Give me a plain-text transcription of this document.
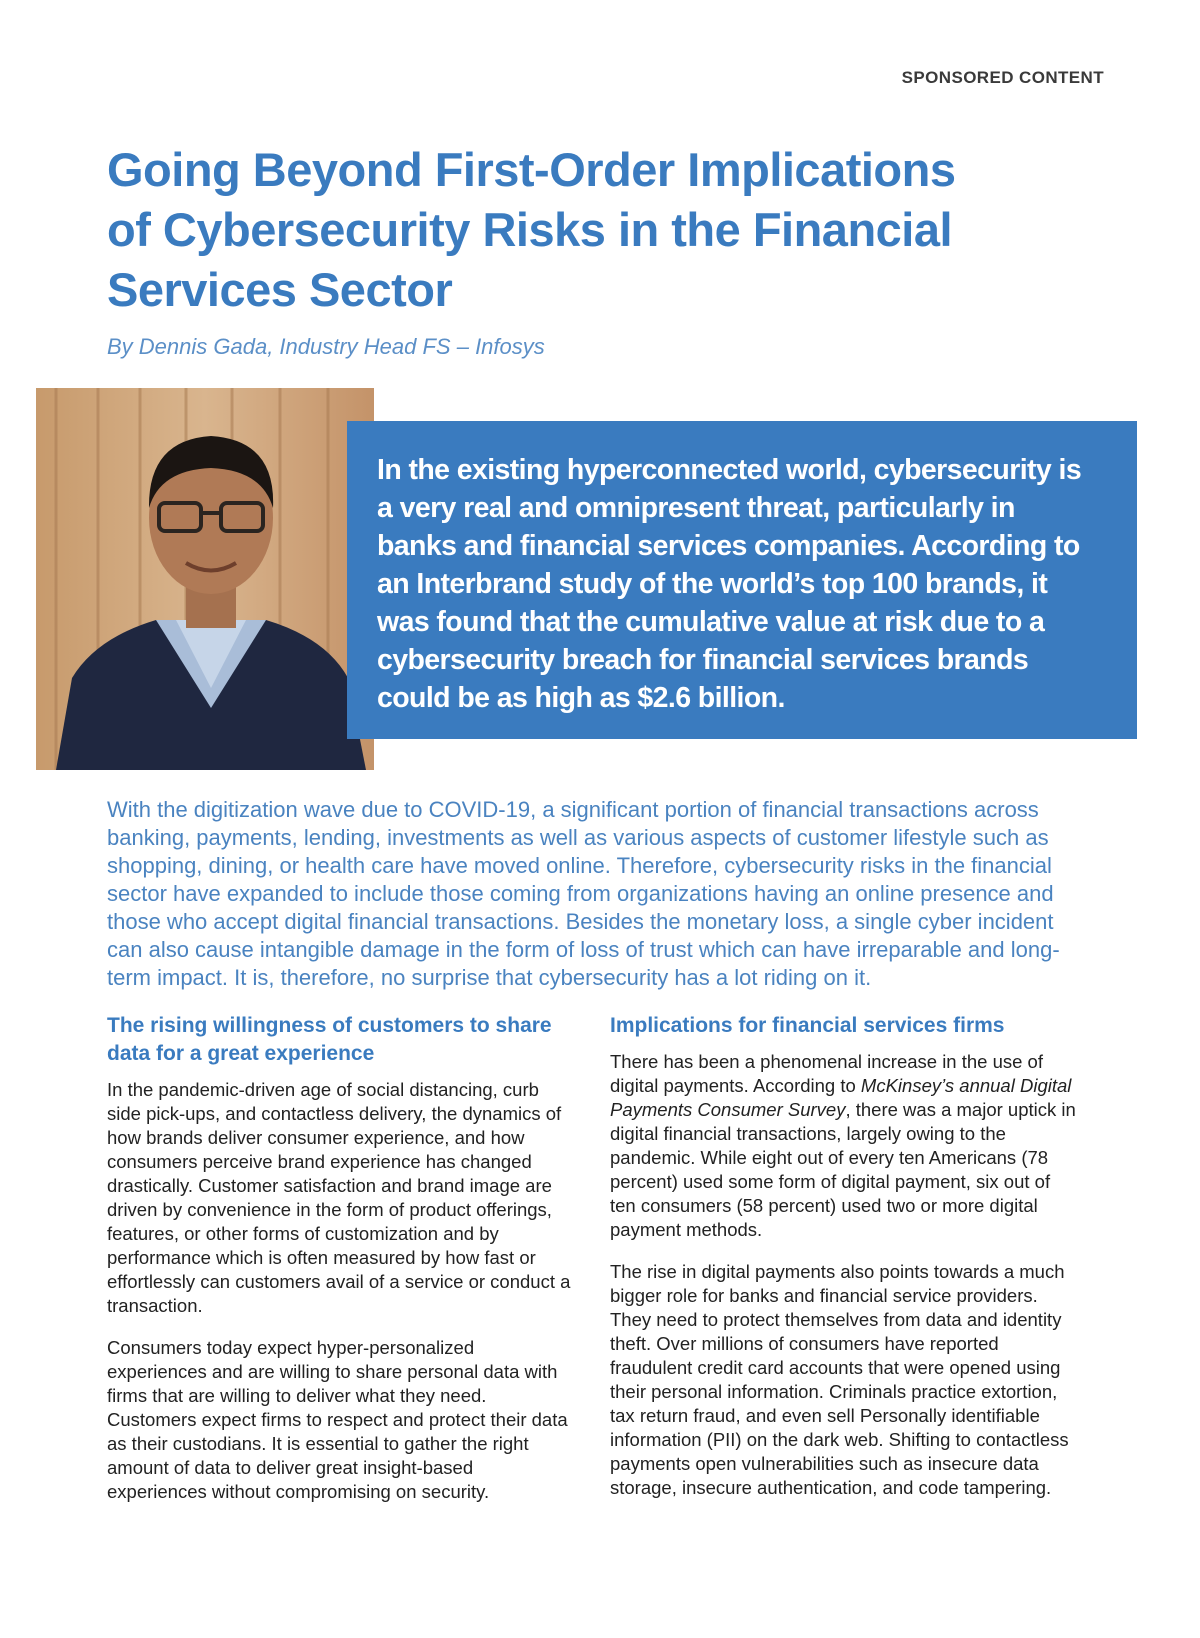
SPONSORED CONTENT
Going Beyond First-Order Implications of Cybersecurity Risks in the Financial Services Sector
By Dennis Gada, Industry Head FS – Infosys

In the existing hyperconnected world, cybersecurity is a very real and omnipresent threat, particularly in banks and financial services companies. According to an Interbrand study of the world’s top 100 brands, it was found that the cumulative value at risk due to a cybersecurity breach for financial services brands could be as high as $2.6 billion.

With the digitization wave due to COVID-19, a significant portion of financial transactions across banking, payments, lending, investments as well as various aspects of customer lifestyle such as shopping, dining, or health care have moved online. Therefore, cybersecurity risks in the financial sector have expanded to include those coming from organizations having an online presence and those who accept digital financial transactions. Besides the monetary loss, a single cyber incident can also cause intangible damage in the form of loss of trust which can have irreparable and long-term impact. It is, therefore, no surprise that cybersecurity has a lot riding on it.

The rising willingness of customers to share data for a great experience

In the pandemic-driven age of social distancing, curb side pick-ups, and contactless delivery, the dynamics of how brands deliver consumer experience, and how consumers perceive brand experience has changed drastically. Customer satisfaction and brand image are driven by convenience in the form of product offerings, features, or other forms of customization and by performance which is often measured by how fast or effortlessly can customers avail of a service or conduct a transaction.

Consumers today expect hyper-personalized experiences and are willing to share personal data with firms that are willing to deliver what they need. Customers expect firms to respect and protect their data as their custodians. It is essential to gather the right amount of data to deliver great insight-based experiences without compromising on security.

Implications for financial services firms

There has been a phenomenal increase in the use of digital payments. According to McKinsey’s annual Digital Payments Consumer Survey, there was a major uptick in digital financial transactions, largely owing to the pandemic. While eight out of every ten Americans (78 percent) used some form of digital payment, six out of ten consumers (58 percent) used two or more digital payment methods.

The rise in digital payments also points towards a much bigger role for banks and financial service providers. They need to protect themselves from data and identity theft. Over millions of consumers have reported fraudulent credit card accounts that were opened using their personal information. Criminals practice extortion, tax return fraud, and even sell Personally identifiable information (PII) on the dark web. Shifting to contactless payments open vulnerabilities such as insecure data storage, insecure authentication, and code tampering.
